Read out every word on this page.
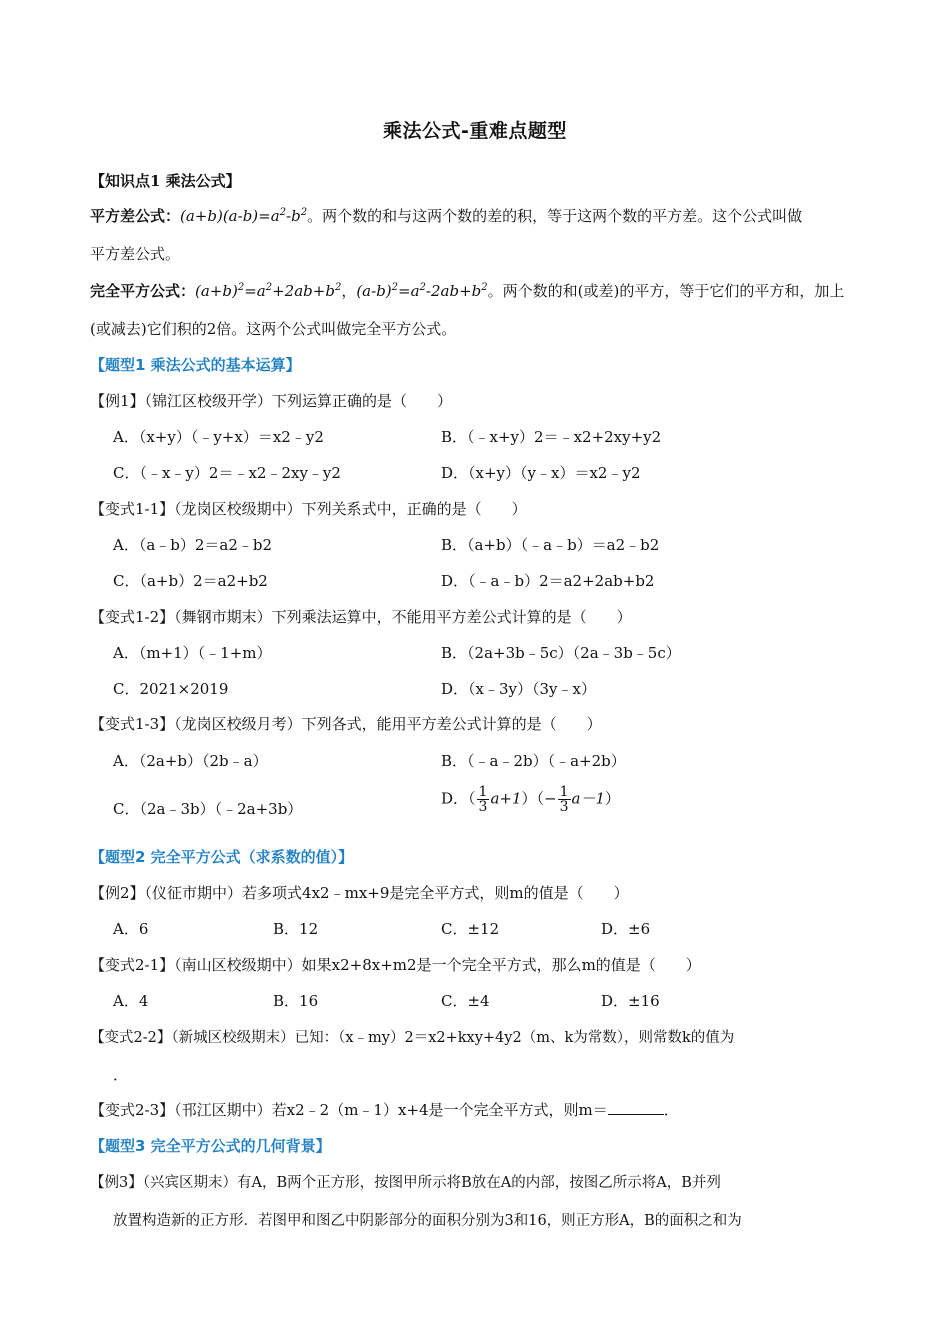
乘法公式-重难点题型
【知识点1 乘法公式】
平方差公式：$(a+b)(a-b)=a^2-b^2$。两个数的和与这两个数的差的积，等于这两个数的平方差。这个公式叫做
平方差公式。
完全平方公式：$(a+b)^2=a^2+2ab+b^2$，$(a-b)^2=a^2-2ab+b^2$。两个数的和(或差)的平方，等于它们的平方和，加上
(或减去)它们积的2倍。这两个公式叫做完全平方公式。
【题型1 乘法公式的基本运算】
【例1】（锦江区校级开学）下列运算正确的是（　　）
A．（x+y）（﹣y+x）＝x2﹣y2	B．（﹣x+y）2＝﹣x2+2xy+y2
C．（﹣x﹣y）2＝﹣x2﹣2xy﹣y2	D．（x+y）（y﹣x）＝x2﹣y2
【变式1-1】（龙岗区校级期中）下列关系式中，正确的是（　　）
A．（a﹣b）2＝a2﹣b2	B．（a+b）（﹣a﹣b）＝a2﹣b2
C．（a+b）2＝a2+b2	D．（﹣a﹣b）2＝a2+2ab+b2
【变式1-2】（舞钢市期末）下列乘法运算中，不能用平方差公式计算的是（　　）
A．（m+1）（﹣1+m）	B．（2a+3b﹣5c）（2a﹣3b﹣5c）
C．2021×2019	D．（x﹣3y）（3y﹣x）
【变式1-3】（龙岗区校级月考）下列各式，能用平方差公式计算的是（　　）
A．（2a+b）（2b﹣a）	B．（﹣a﹣2b）（﹣a+2b）
C．（2a﹣3b）（﹣2a+3b）
D．（ $\frac{1}{3} a+1)(- \frac{1}{3} a-1)$
【题型2 完全平方公式（求系数的值）】
【例2】（仪征市期中）若多项式4x2﹣mx+9是完全平方式，则m的值是（　　）
A．6	B．12	C．±12	D．±6
【变式2-1】（南山区校级期中）如果x2+8x+m2是一个完全平方式，那么m的值是（　　）
A．4	B．16	C．±4	D．±16
【变式2-2】（新城区校级期末）已知：（x﹣my）2＝x2+kxy+4y2（m、k为常数），则常数k的值为
．
【变式2-3】（邗江区期中）若x2﹣2（m﹣1）x+4是一个完全平方式，则m＝	．
【题型3 完全平方公式的几何背景】
【例3】（兴宾区期末）有A，B两个正方形，按图甲所示将B放在A的内部，按图乙所示将A，B并列
放置构造新的正方形．若图甲和图乙中阴影部分的面积分别为3和16，则正方形A，B的面积之和为
